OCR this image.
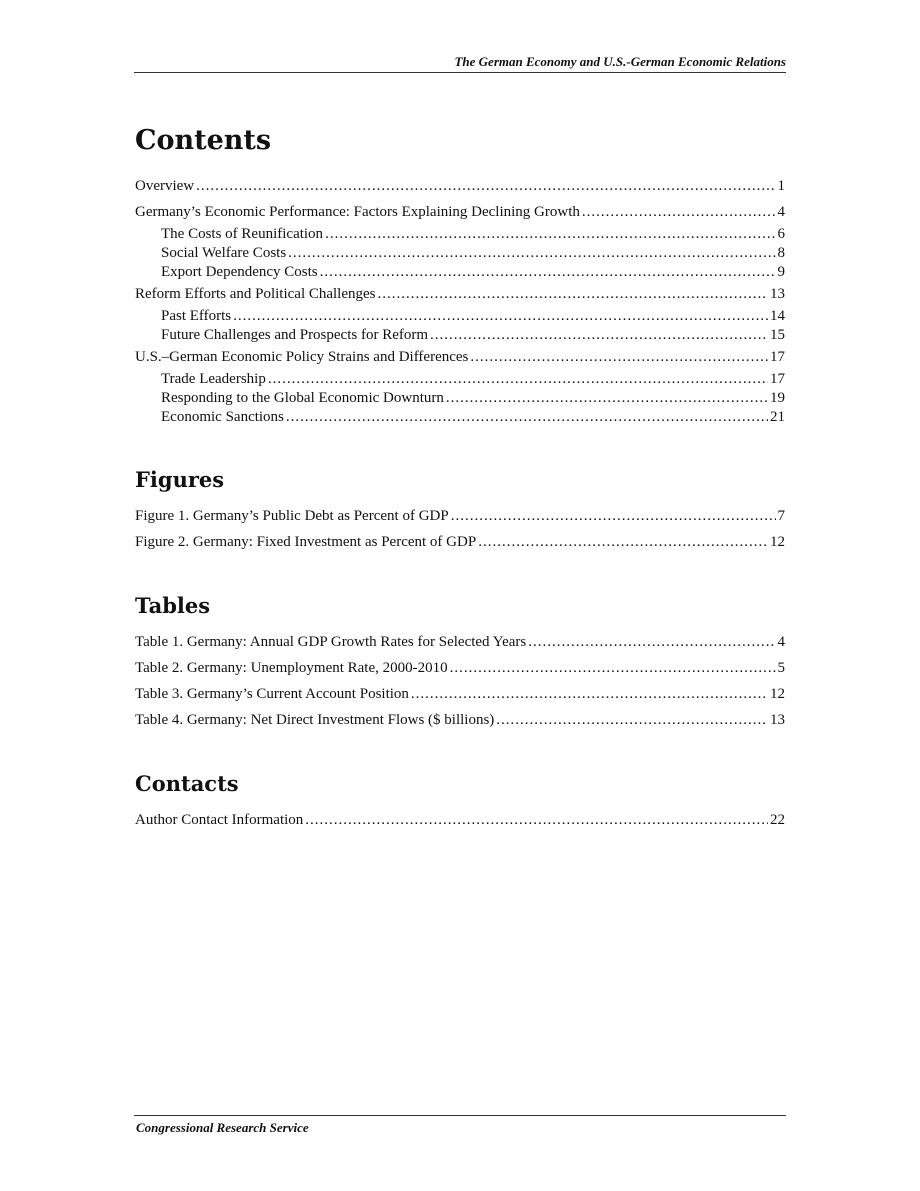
The German Economy and U.S.-German Economic Relations
Contents
Overview .....	1
Germany’s Economic Performance: Factors Explaining Declining Growth .....	4
The Costs of Reunification .....	6
Social Welfare Costs .....	8
Export Dependency Costs .....	9
Reform Efforts and Political Challenges .....	13
Past Efforts .....	14
Future Challenges and Prospects for Reform .....	15
U.S.–German Economic Policy Strains and Differences .....	17
Trade Leadership .....	17
Responding to the Global Economic Downturn .....	19
Economic Sanctions .....	21
Figures
Figure 1. Germany’s Public Debt as Percent of GDP .....	7
Figure 2. Germany: Fixed Investment as Percent of GDP .....	12
Tables
Table 1. Germany: Annual GDP Growth Rates for Selected Years .....	4
Table 2. Germany: Unemployment Rate, 2000-2010 .....	5
Table 3. Germany’s Current Account Position .....	12
Table 4. Germany: Net Direct Investment Flows ($ billions) .....	13
Contacts
Author Contact Information .....	22
Congressional Research Service
